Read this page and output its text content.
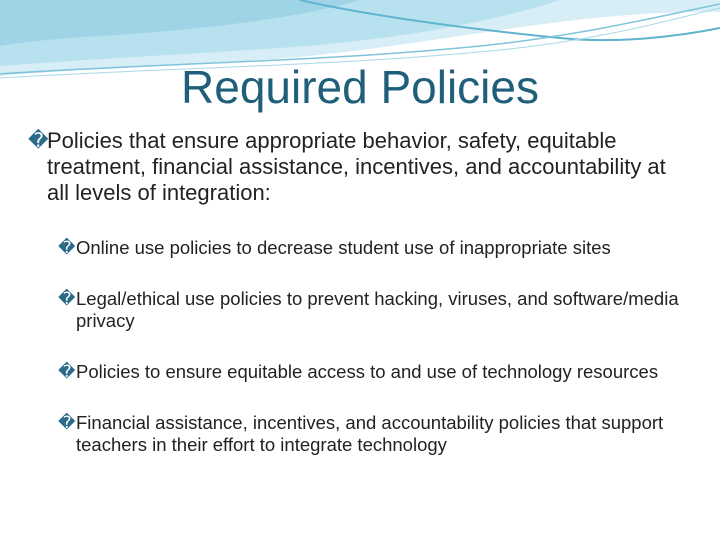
Required Policies
�
Policies that ensure appropriate behavior, safety, equitable treatment, financial assistance, incentives, and accountability at all levels of integration:
� Online use policies to decrease student use of inappropriate sites
� Legal/ethical use policies to prevent hacking, viruses, and software/media privacy
� Policies to ensure equitable access to and use of technology resources
� Financial assistance, incentives, and accountability policies that support teachers in their effort to integrate technology
